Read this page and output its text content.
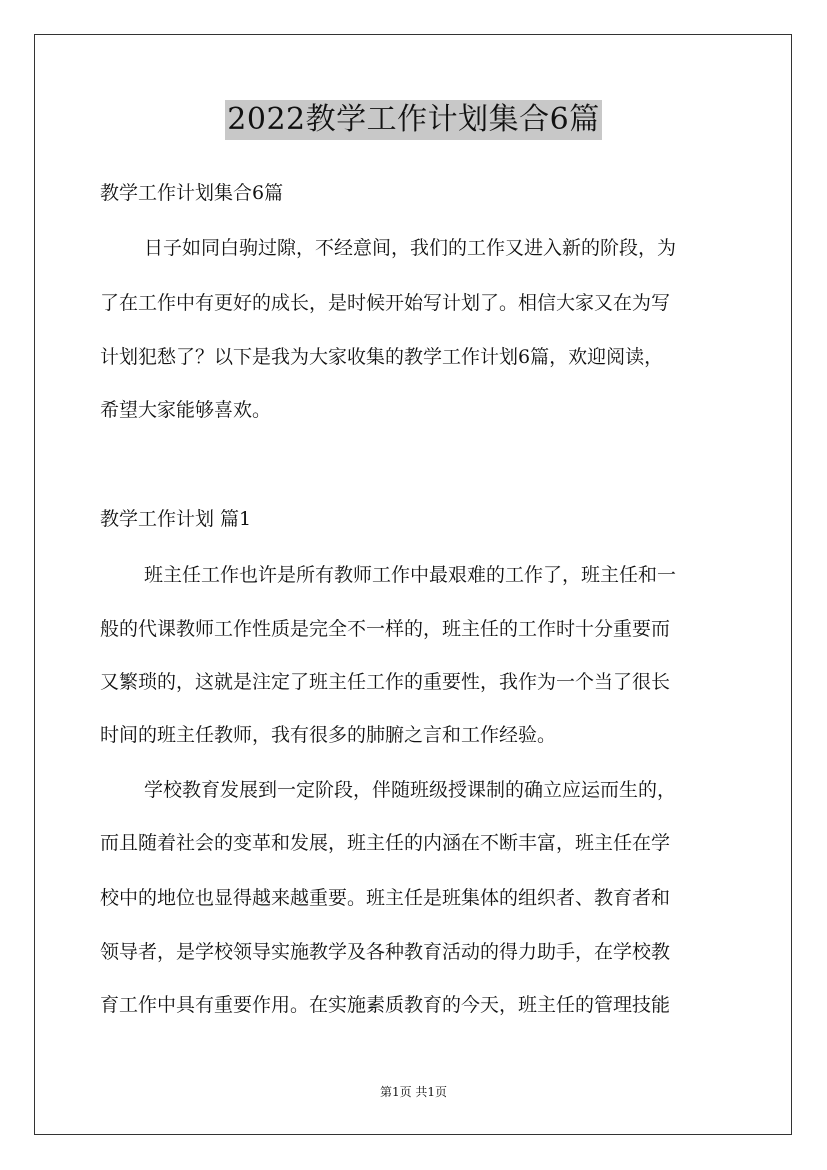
2022教学工作计划集合6篇
教学工作计划集合6篇
日子如同白驹过隙，不经意间，我们的工作又进入新的阶段，为
了在工作中有更好的成长，是时候开始写计划了。相信大家又在为写
计划犯愁了？以下是我为大家收集的教学工作计划6篇，欢迎阅读，
希望大家能够喜欢。
教学工作计划 篇1
班主任工作也许是所有教师工作中最艰难的工作了，班主任和一
般的代课教师工作性质是完全不一样的，班主任的工作时十分重要而
又繁琐的，这就是注定了班主任工作的重要性，我作为一个当了很长
时间的班主任教师，我有很多的肺腑之言和工作经验。
学校教育发展到一定阶段，伴随班级授课制的确立应运而生的，
而且随着社会的变革和发展，班主任的内涵在不断丰富，班主任在学
校中的地位也显得越来越重要。班主任是班集体的组织者、教育者和
领导者，是学校领导实施教学及各种教育活动的得力助手，在学校教
育工作中具有重要作用。在实施素质教育的今天，班主任的管理技能
第1页 共1页
